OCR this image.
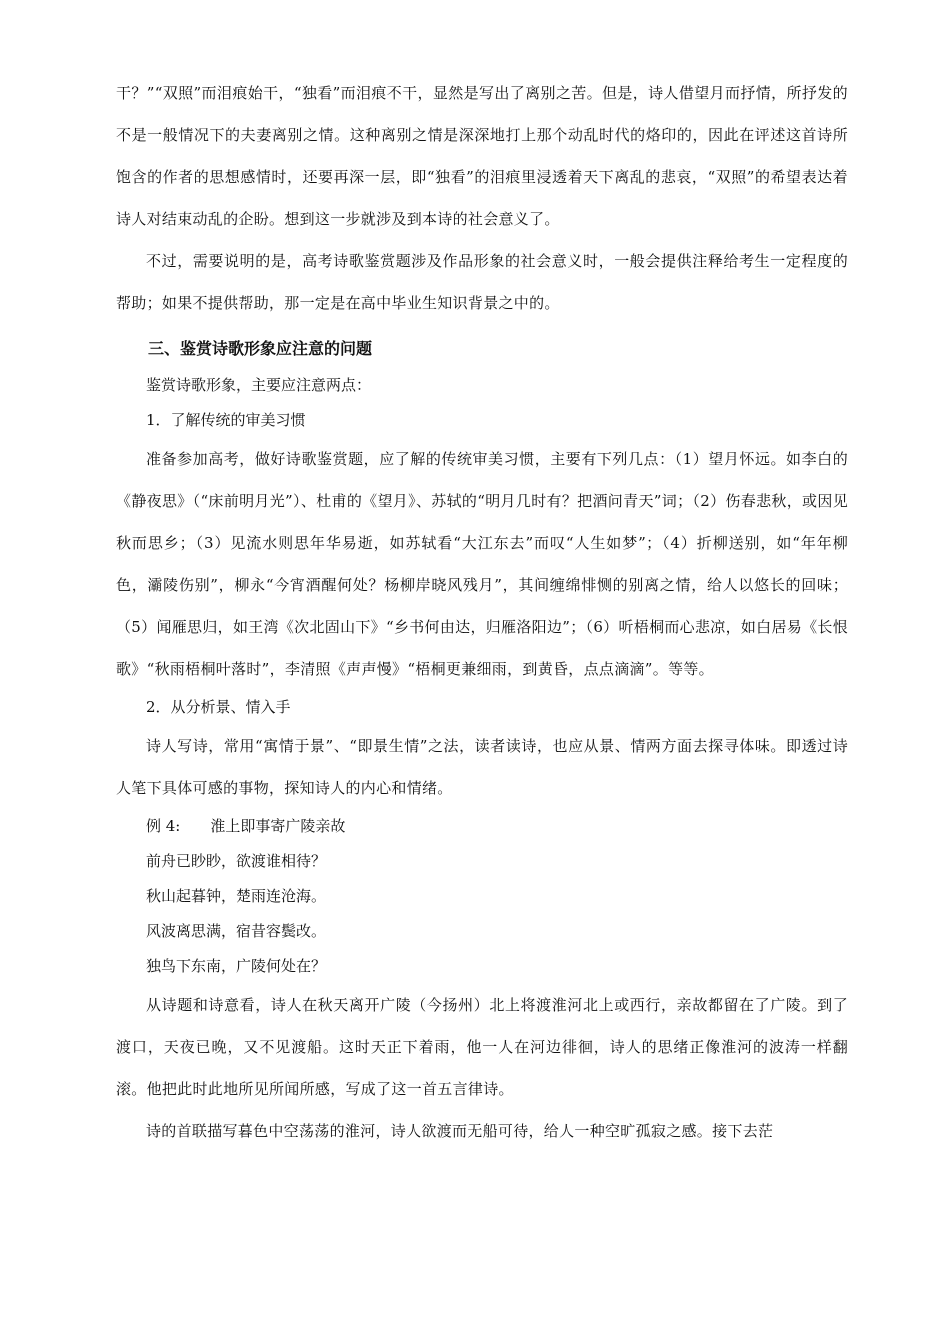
干？”“双照”而泪痕始干，“独看”而泪痕不干，显然是写出了离别之苦。但是，诗人借望月而抒情，所抒发的不是一般情况下的夫妻离别之情。这种离别之情是深深地打上那个动乱时代的烙印的，因此在评述这首诗所饱含的作者的思想感情时，还要再深一层，即“独看”的泪痕里浸透着天下离乱的悲哀，“双照”的希望表达着诗人对结束动乱的企盼。想到这一步就涉及到本诗的社会意义了。

不过，需要说明的是，高考诗歌鉴赏题涉及作品形象的社会意义时，一般会提供注释给考生一定程度的帮助；如果不提供帮助，那一定是在高中毕业生知识背景之中的。

三、鉴赏诗歌形象应注意的问题

鉴赏诗歌形象，主要应注意两点：

1．了解传统的审美习惯

准备参加高考，做好诗歌鉴赏题，应了解的传统审美习惯，主要有下列几点：（1）望月怀远。如李白的《静夜思》（“床前明月光”）、杜甫的《望月》、苏轼的“明月几时有？把酒问青天”词；（2）伤春悲秋，或因见秋而思乡；（3）见流水则思年华易逝，如苏轼看“大江东去”而叹“人生如梦”；（4）折柳送别，如“年年柳色，灞陵伤别”，柳永“今宵酒醒何处？杨柳岸晓风残月”，其间缠绵悱恻的别离之情，给人以悠长的回味；（5）闻雁思归，如王湾《次北固山下》“乡书何由达，归雁洛阳边”；（6）听梧桐而心悲凉，如白居易《长恨歌》“秋雨梧桐叶落时”，李清照《声声慢》“梧桐更兼细雨，到黄昏，点点滴滴”。等等。

2．从分析景、情入手

诗人写诗，常用“寓情于景”、“即景生情”之法，读者读诗，也应从景、情两方面去探寻体味。即透过诗人笔下具体可感的事物，探知诗人的内心和情绪。

例 4: 淮上即事寄广陵亲故

前舟已眇眇，欲渡谁相待？

秋山起暮钟，楚雨连沧海。

风波离思满，宿昔容鬓改。

独鸟下东南，广陵何处在？

从诗题和诗意看，诗人在秋天离开广陵（今扬州）北上将渡淮河北上或西行，亲故都留在了广陵。到了渡口，天夜已晚，又不见渡船。这时天正下着雨，他一人在河边徘徊，诗人的思绪正像淮河的波涛一样翻滚。他把此时此地所见所闻所感，写成了这一首五言律诗。

诗的首联描写暮色中空荡荡的淮河，诗人欲渡而无船可待，给人一种空旷孤寂之感。接下去茫
